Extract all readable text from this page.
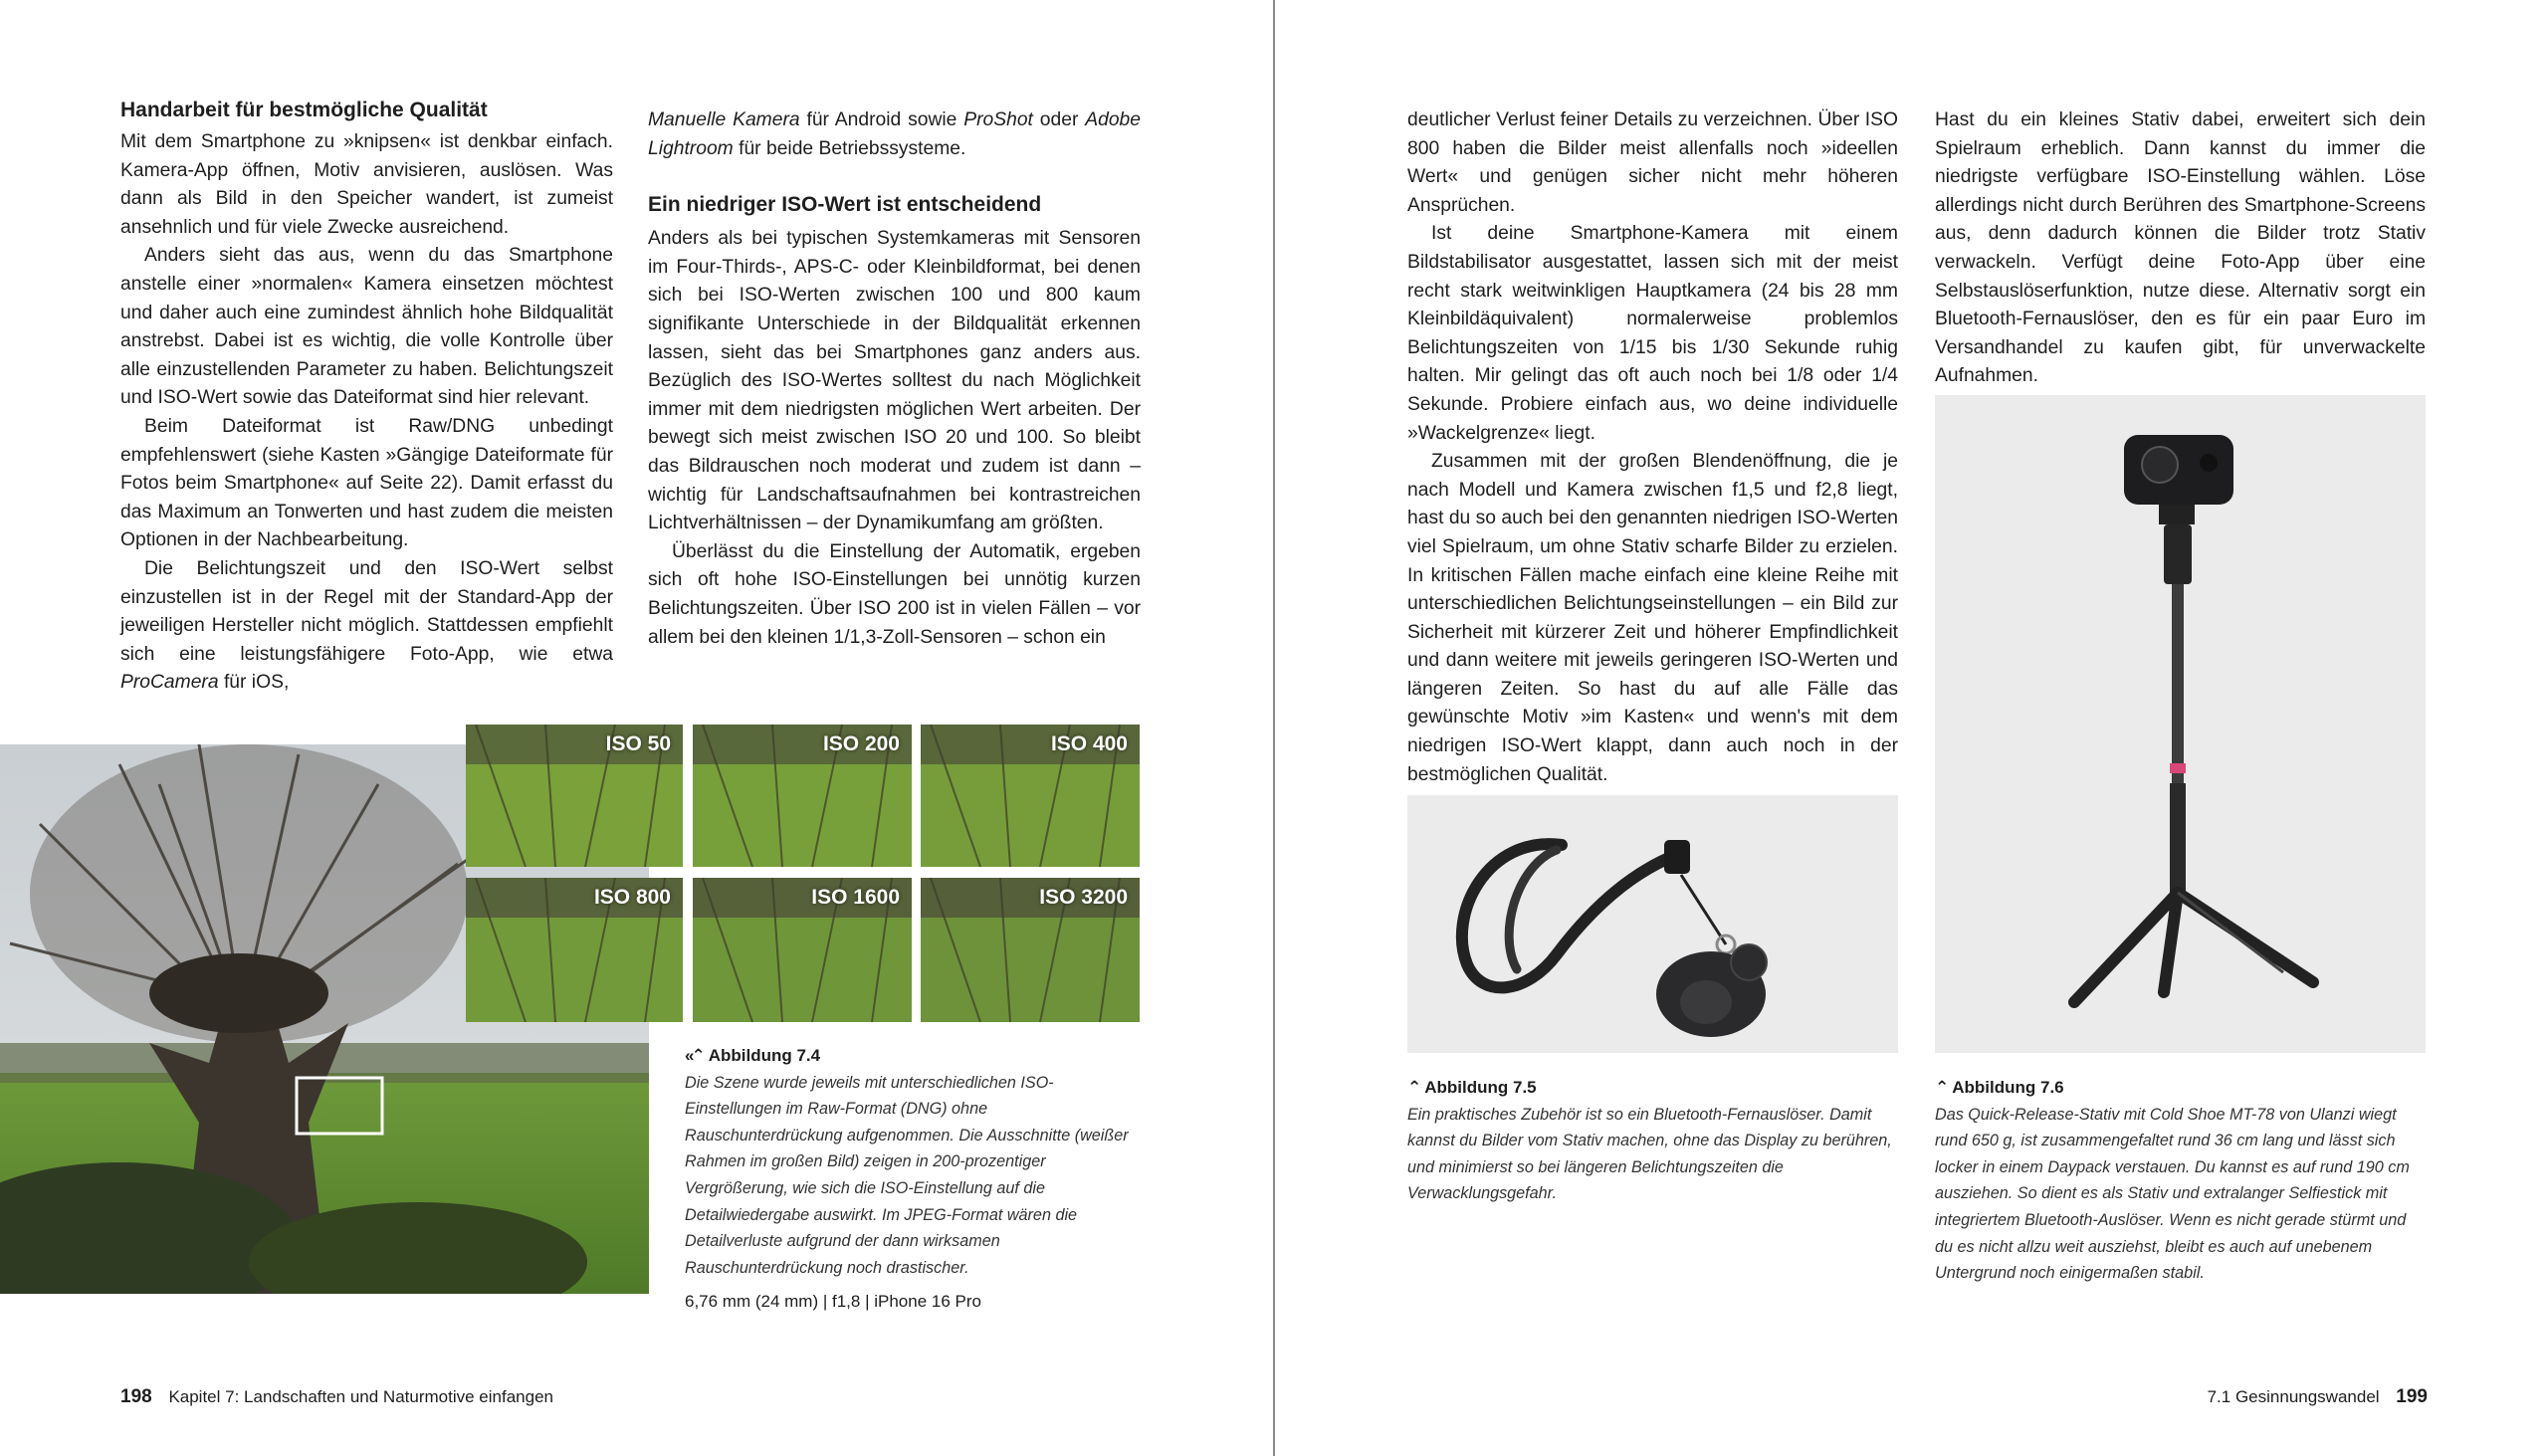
Handarbeit für bestmögliche Qualität

Mit dem Smartphone zu »knipsen« ist denkbar einfach. Kamera-App öffnen, Motiv anvisieren, auslösen. Was dann als Bild in den Speicher wandert, ist zumeist ansehnlich und für viele Zwecke ausreichend.

Anders sieht das aus, wenn du das Smartphone anstelle einer »normalen« Kamera einsetzen möchtest und daher auch eine zumindest ähnlich hohe Bildqualität anstrebst. Dabei ist es wichtig, die volle Kontrolle über alle einzustellenden Parameter zu haben. Belichtungszeit und ISO-Wert sowie das Dateiformat sind hier relevant.

Beim Dateiformat ist Raw/DNG unbedingt empfehlenswert (siehe Kasten »Gängige Dateiformate für Fotos beim Smartphone« auf Seite 22). Damit erfasst du das Maximum an Tonwerten und hast zudem die meisten Optionen in der Nachbearbeitung.

Die Belichtungszeit und den ISO-Wert selbst einzustellen ist in der Regel mit der Standard-App der jeweiligen Hersteller nicht möglich. Stattdessen empfiehlt sich eine leistungsfähigere Foto-App, wie etwa ProCamera für iOS,

Manuelle Kamera für Android sowie ProShot oder Adobe Lightroom für beide Betriebssysteme.

Ein niedriger ISO-Wert ist entscheidend

Anders als bei typischen Systemkameras mit Sensoren im Four-Thirds-, APS-C- oder Kleinbildformat, bei denen sich bei ISO-Werten zwischen 100 und 800 kaum signifikante Unterschiede in der Bildqualität erkennen lassen, sieht das bei Smartphones ganz anders aus. Bezüglich des ISO-Wertes solltest du nach Möglichkeit immer mit dem niedrigsten möglichen Wert arbeiten. Der bewegt sich meist zwischen ISO 20 und 100. So bleibt das Bildrauschen noch moderat und zudem ist dann – wichtig für Landschaftsaufnahmen bei kontrastreichen Lichtverhältnissen – der Dynamikumfang am größten.

Überlässt du die Einstellung der Automatik, ergeben sich oft hohe ISO-Einstellungen bei unnötig kurzen Belichtungszeiten. Über ISO 200 ist in vielen Fällen – vor allem bei den kleinen 1/1,3-Zoll-Sensoren – schon ein

ISO 50	ISO 200	ISO 400
ISO 800	ISO 1600	ISO 3200
«⌃ Abbildung 7.4
Die Szene wurde jeweils mit unterschiedlichen ISO-Einstellungen im Raw-Format (DNG) ohne Rauschunterdrückung aufgenommen. Die Ausschnitte (weißer Rahmen im großen Bild) zeigen in 200-prozentiger Vergrößerung, wie sich die ISO-Einstellung auf die Detailwiedergabe auswirkt. Im JPEG-Format wären die Detailverluste aufgrund der dann wirksamen Rauschunterdrückung noch drastischer.
6,76 mm (24 mm) | f1,8 | iPhone 16 Pro
198 Kapitel 7: Landschaften und Naturmotive einfangen

deutlicher Verlust feiner Details zu verzeichnen. Über ISO 800 haben die Bilder meist allenfalls noch »ideellen Wert« und genügen sicher nicht mehr höheren Ansprüchen.

Ist deine Smartphone-Kamera mit einem Bildstabilisator ausgestattet, lassen sich mit der meist recht stark weitwinkligen Hauptkamera (24 bis 28 mm Kleinbildäquivalent) normalerweise problemlos Belichtungszeiten von 1/15 bis 1/30 Sekunde ruhig halten. Mir gelingt das oft auch noch bei 1/8 oder 1/4 Sekunde. Probiere einfach aus, wo deine individuelle »Wackelgrenze« liegt.

Zusammen mit der großen Blendenöffnung, die je nach Modell und Kamera zwischen f1,5 und f2,8 liegt, hast du so auch bei den genannten niedrigen ISO-Werten viel Spielraum, um ohne Stativ scharfe Bilder zu erzielen. In kritischen Fällen mache einfach eine kleine Reihe mit unterschiedlichen Belichtungseinstellungen – ein Bild zur Sicherheit mit kürzerer Zeit und höherer Empfindlichkeit und dann weitere mit jeweils geringeren ISO-Werten und längeren Zeiten. So hast du auf alle Fälle das gewünschte Motiv »im Kasten« und wenn's mit dem niedrigen ISO-Wert klappt, dann auch noch in der bestmöglichen Qualität.

Hast du ein kleines Stativ dabei, erweitert sich dein Spielraum erheblich. Dann kannst du immer die niedrigste verfügbare ISO-Einstellung wählen. Löse allerdings nicht durch Berühren des Smartphone-Screens aus, denn dadurch können die Bilder trotz Stativ verwackeln. Verfügt deine Foto-App über eine Selbstauslöserfunktion, nutze diese. Alternativ sorgt ein Bluetooth-Fernauslöser, den es für ein paar Euro im Versandhandel zu kaufen gibt, für unverwackelte Aufnahmen.

⌃ Abbildung 7.5
Ein praktisches Zubehör ist so ein Bluetooth-Fernauslöser. Damit kannst du Bilder vom Stativ machen, ohne das Display zu berühren, und minimierst so bei längeren Belichtungszeiten die Verwacklungsgefahr.
⌃ Abbildung 7.6
Das Quick-Release-Stativ mit Cold Shoe MT-78 von Ulanzi wiegt rund 650 g, ist zusammengefaltet rund 36 cm lang und lässt sich locker in einem Daypack verstauen. Du kannst es auf rund 190 cm ausziehen. So dient es als Stativ und extralanger Selfiestick mit integriertem Bluetooth-Auslöser. Wenn es nicht gerade stürmt und du es nicht allzu weit ausziehst, bleibt es auch auf unebenem Untergrund noch einigermaßen stabil.
7.1 Gesinnungswandel 199
